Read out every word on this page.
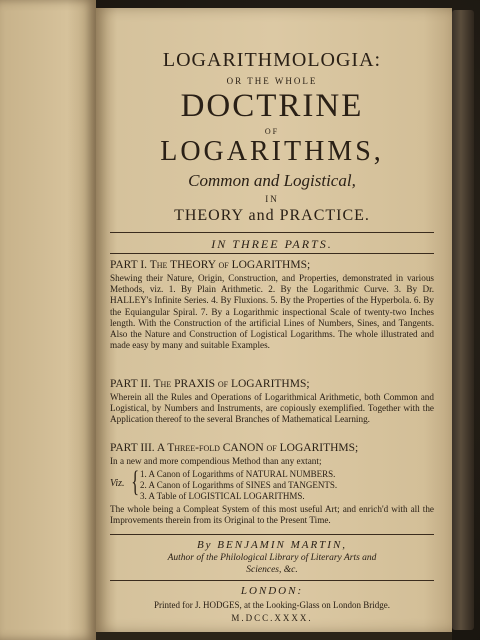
LOGARITHMOLOGIA:
OR THE WHOLE
DOCTRINE
OF
LOGARITHMS,
Common and Logistical,
IN
THEORY and PRACTICE.
IN THREE PARTS.
PART I. The THEORY of LOGARITHMS;
Shewing their Nature, Origin, Construction, and Properties, demonstrated in various Methods, viz. 1. By Plain Arithmetic. 2. By the Logarithmic Curve. 3. By Dr. HALLEY's Infinite Series. 4. By Fluxions. 5. By the Properties of the Hyperbola. 6. By the Equiangular Spiral. 7. By a Logarithmic inspectional Scale of twenty-two Inches length. With the Construction of the artificial Lines of Numbers, Sines, and Tangents. Also the Nature and Construction of Logistical Logarithms. The whole illustrated and made easy by many and suitable Examples.
PART II. The PRAXIS of LOGARITHMS;
Wherein all the Rules and Operations of Logarithmical Arithmetic, both Common and Logistical, by Numbers and Instruments, are copiously exemplified. Together with the Application thereof to the several Branches of Mathematical Learning.
PART III. A Three-fold CANON of LOGARITHMS;
In a new and more compendious Method than any extant;
Viz. { 1. A Canon of Logarithms of NATURAL NUMBERS.
2. A Canon of Logarithms of SINES and TANGENTS.
3. A Table of LOGISTICAL LOGARITHMS.
The whole being a Compleat System of this most useful Art; and enrich'd with all the Improvements therein from its Original to the Present Time.
By BENJAMIN MARTIN,
Author of the Philological Library of Literary Arts and
Sciences, &c.
LONDON:
Printed for J. HODGES, at the Looking-Glass on London Bridge.
M.DCC.XXXX.
